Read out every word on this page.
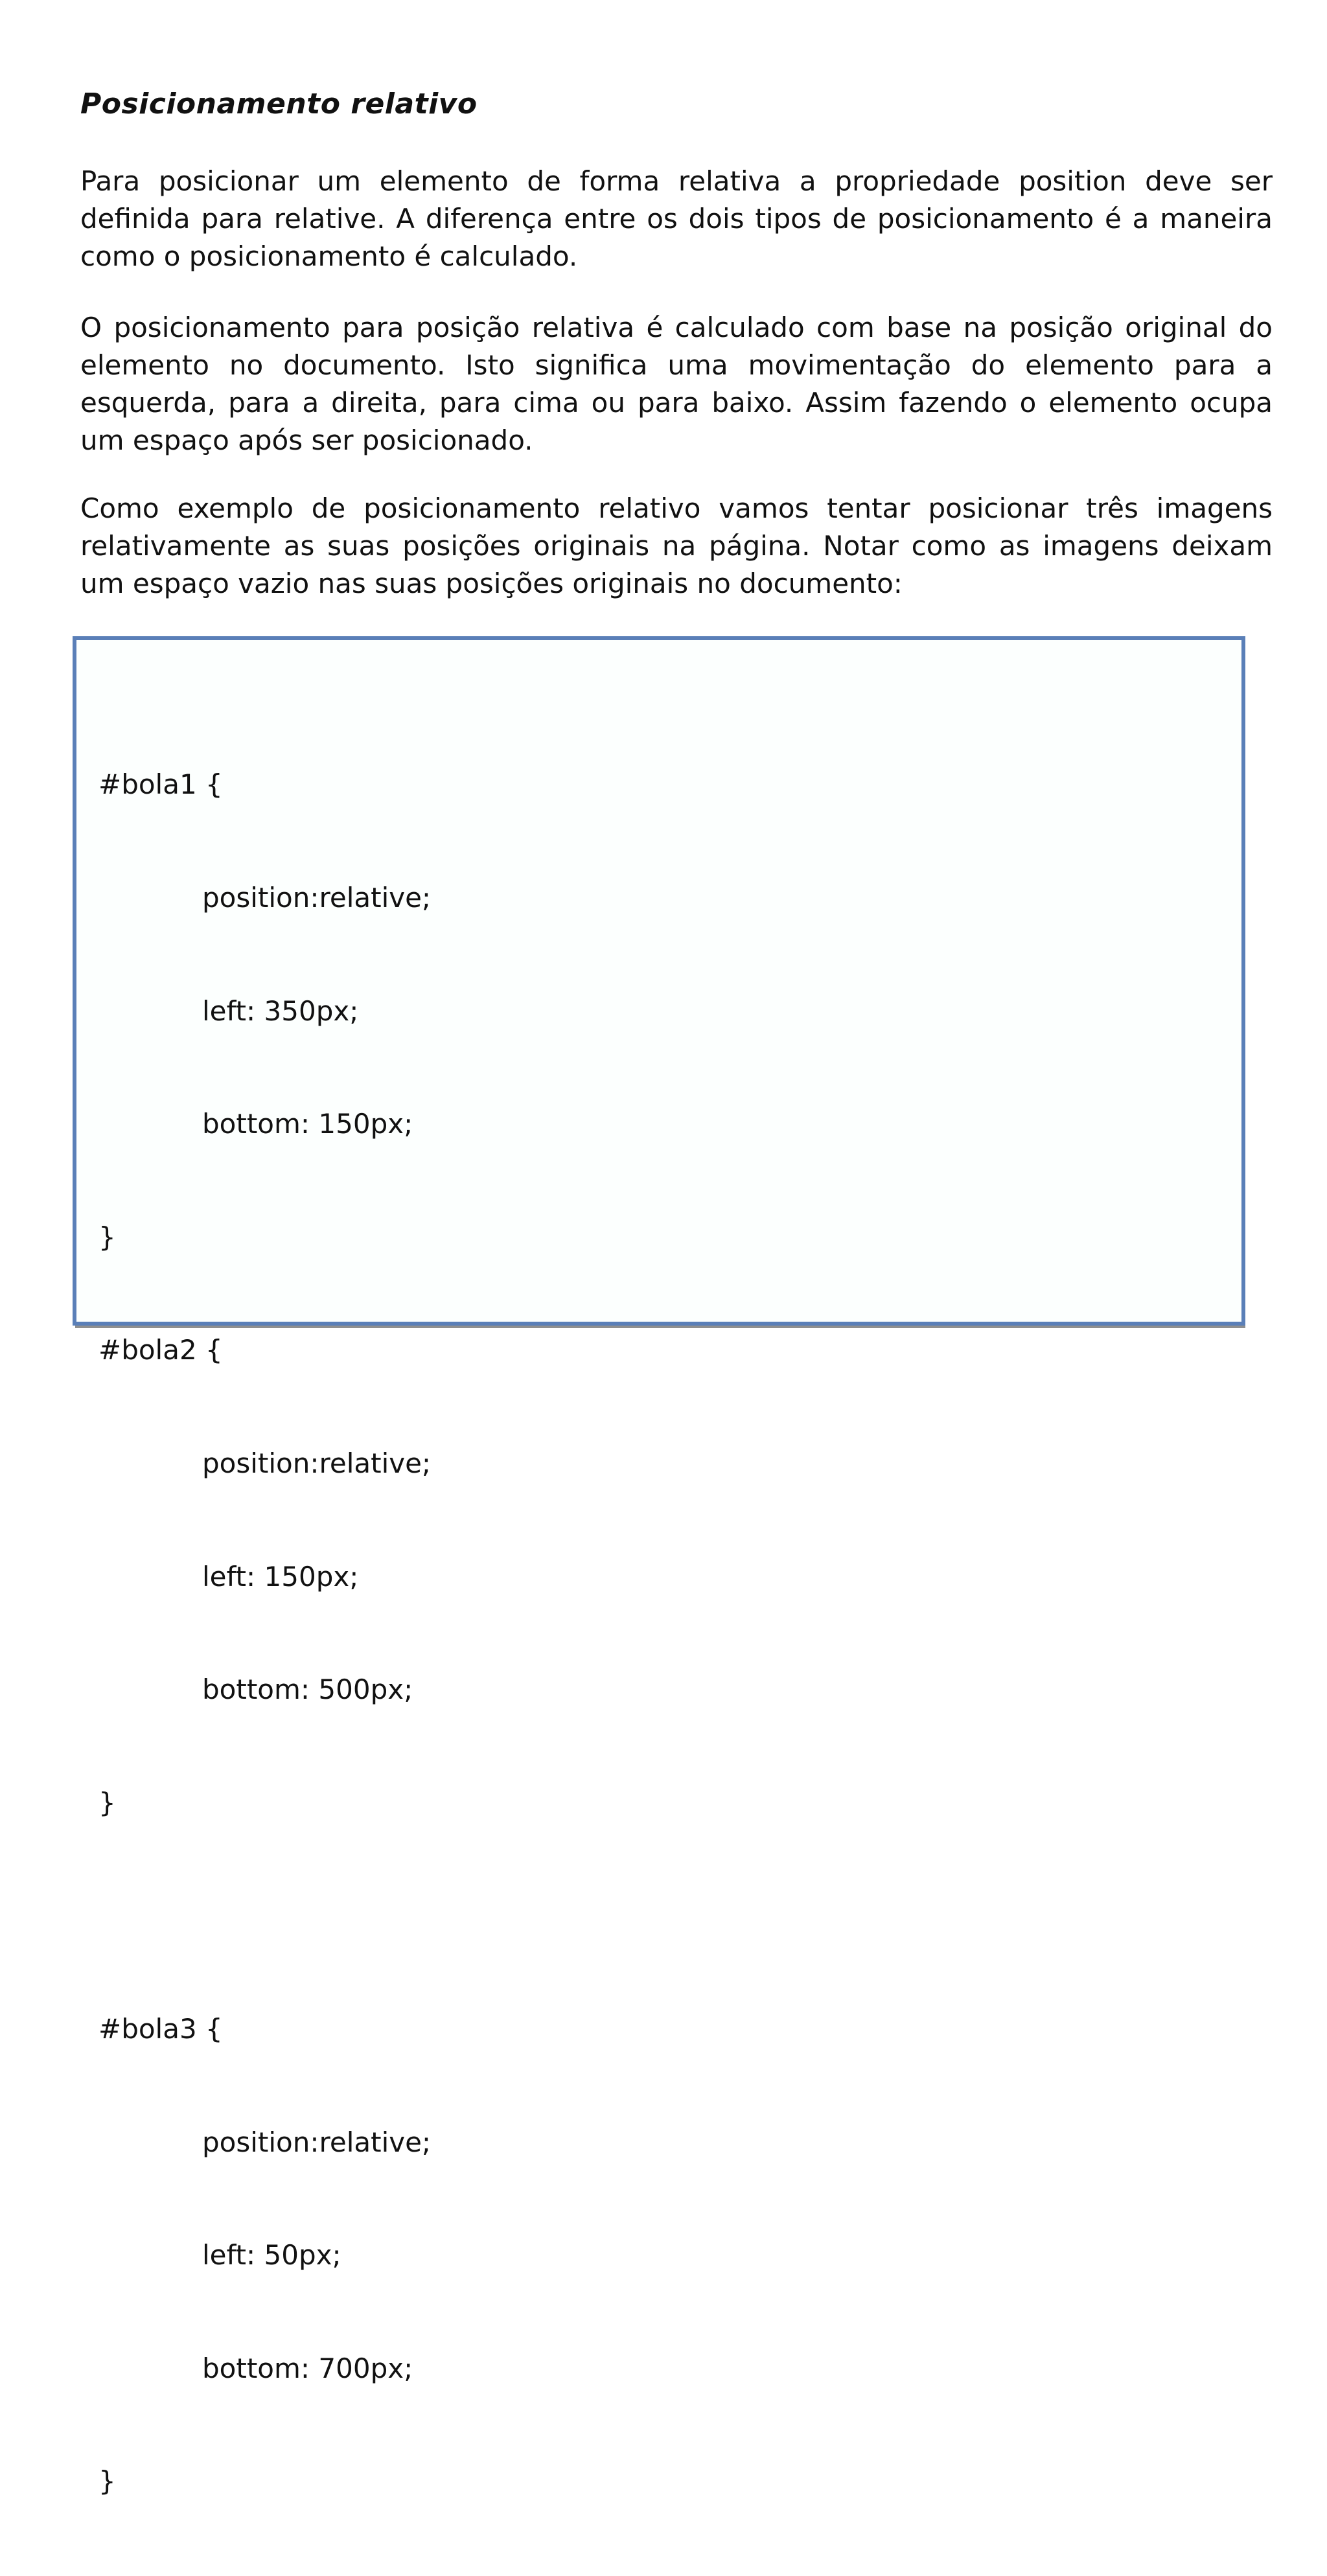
Posicionamento relativo

Para posicionar um elemento de forma relativa a propriedade position deve ser definida para relative. A diferença entre os dois tipos de posicionamento é a maneira como o posicionamento é calculado.

O posicionamento para posição relativa é calculado com base na posição original do elemento no documento. Isto significa uma movimentação do elemento para a esquerda, para a direita, para cima ou para baixo. Assim fazendo o elemento ocupa um espaço após ser posicionado.

Como exemplo de posicionamento relativo vamos tentar posicionar três imagens relativamente as suas posições originais na página. Notar como as imagens deixam um espaço vazio nas suas posições originais no documento:

#bola1 {

position:relative;

left: 350px;

bottom: 150px;

}

#bola2 {

position:relative;

left: 150px;

bottom: 500px;

}

#bola3 {

position:relative;

left: 50px;

bottom: 700px;

}
